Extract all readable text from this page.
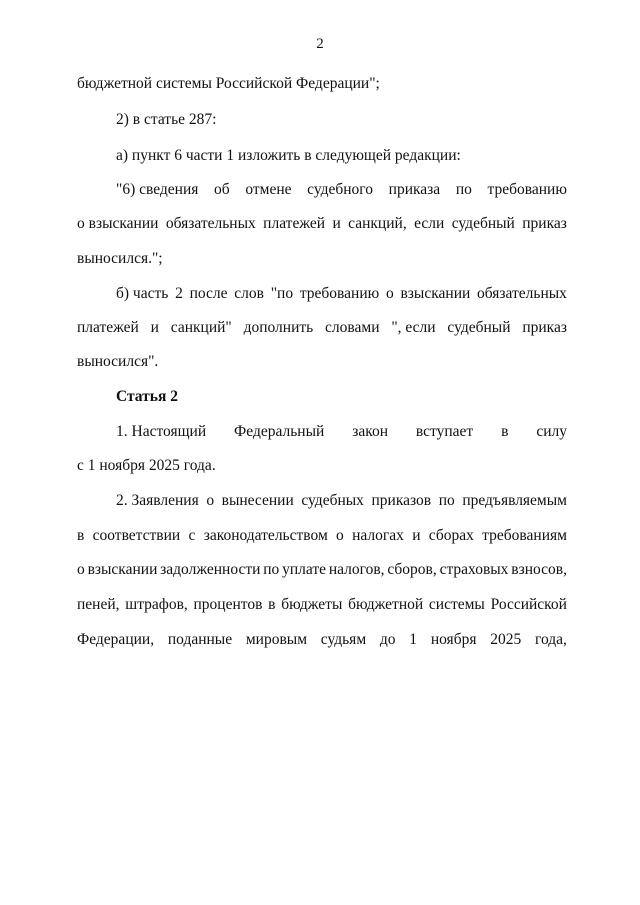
2
бюджетной системы Российской Федерации";
2) в статье 287:
а) пункт 6 части 1 изложить в следующей редакции:
"6) сведения об отмене судебного приказа по требованию
о взыскании обязательных платежей и санкций, если судебный приказ
выносился.";
б) часть 2 после слов "по требованию о взыскании обязательных
платежей и санкций" дополнить словами ", если судебный приказ
выносился".
Статья 2
1. Настоящий Федеральный закон вступает в силу
с 1 ноября 2025 года.
2. Заявления о вынесении судебных приказов по предъявляемым
в соответствии с законодательством о налогах и сборах требованиям
о взыскании задолженности по уплате налогов, сборов, страховых взносов,
пеней, штрафов, процентов в бюджеты бюджетной системы Российской
Федерации, поданные мировым судьям до 1 ноября 2025 года,
